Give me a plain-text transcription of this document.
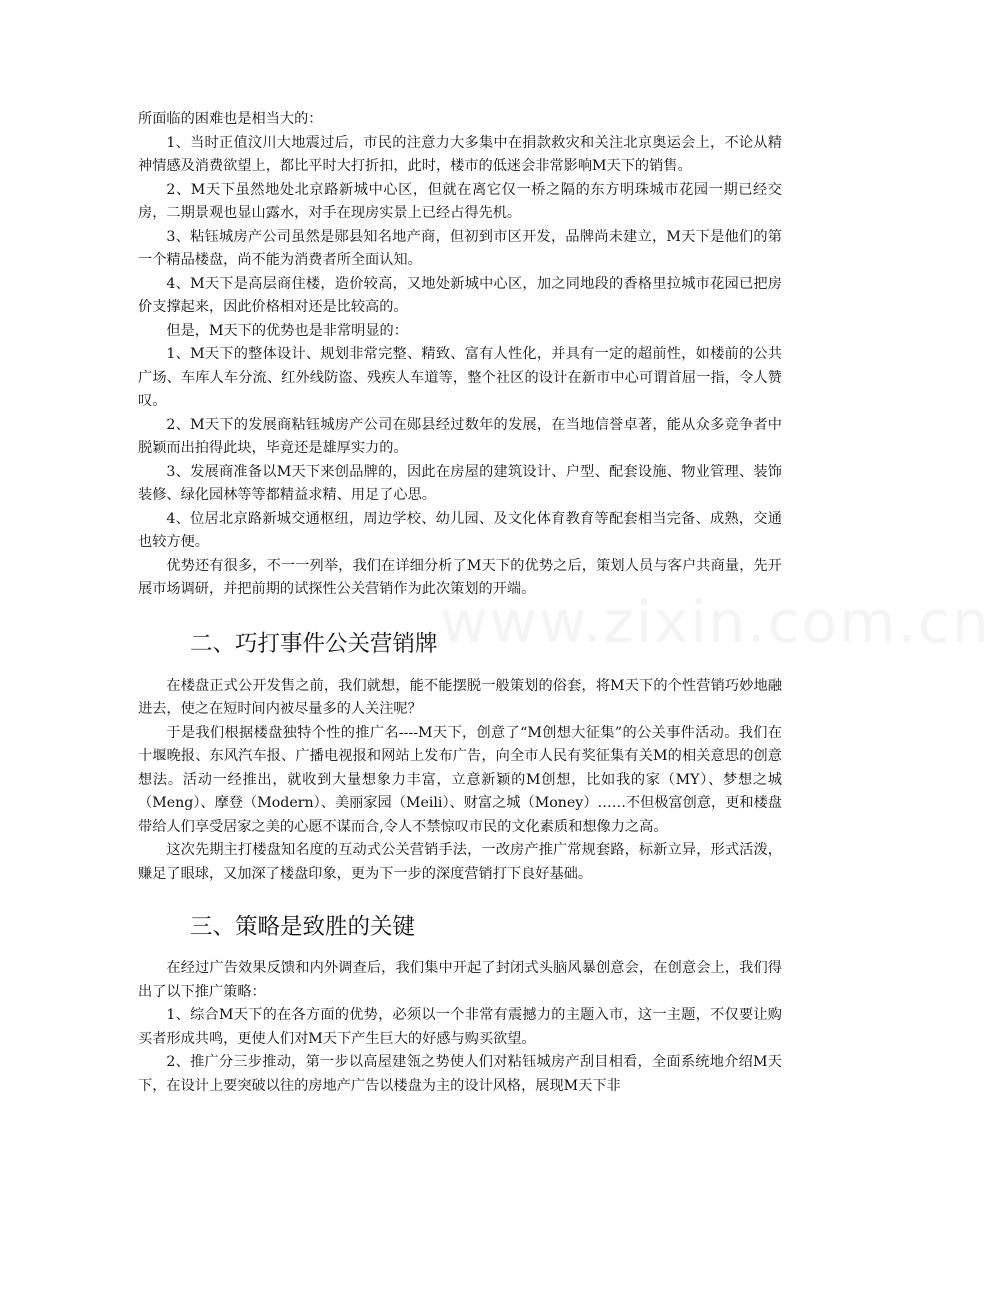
所面临的困难也是相当大的：

1、当时正值汶川大地震过后，市民的注意力大多集中在捐款救灾和关注北京奥运会上，不论从精神情感及消费欲望上，都比平时大打折扣，此时，楼市的低迷会非常影响M天下的销售。

2、M天下虽然地处北京路新城中心区，但就在离它仅一桥之隔的东方明珠城市花园一期已经交房，二期景观也显山露水，对手在现房实景上已经占得先机。

3、粘钰城房产公司虽然是郧县知名地产商，但初到市区开发，品牌尚未建立，M天下是他们的第一个精品楼盘，尚不能为消费者所全面认知。

4、M天下是高层商住楼，造价较高，又地处新城中心区，加之同地段的香格里拉城市花园已把房价支撑起来，因此价格相对还是比较高的。

但是，M天下的优势也是非常明显的：

1、M天下的整体设计、规划非常完整、精致、富有人性化，并具有一定的超前性，如楼前的公共广场、车库人车分流、红外线防盗、残疾人车道等，整个社区的设计在新市中心可谓首屈一指，令人赞叹。

2、M天下的发展商粘钰城房产公司在郧县经过数年的发展，在当地信誉卓著，能从众多竞争者中脱颖而出拍得此块，毕竟还是雄厚实力的。

3、发展商准备以M天下来创品牌的，因此在房屋的建筑设计、户型、配套设施、物业管理、装饰装修、绿化园林等等都精益求精、用足了心思。

4、位居北京路新城交通枢纽，周边学校、幼儿园、及文化体育教育等配套相当完备、成熟，交通也较方便。

优势还有很多，不一一列举，我们在详细分析了M天下的优势之后，策划人员与客户共商量，先开展市场调研，并把前期的试探性公关营销作为此次策划的开端。

二、巧打事件公关营销牌

在楼盘正式公开发售之前，我们就想，能不能摆脱一般策划的俗套，将M天下的个性营销巧妙地融进去，使之在短时间内被尽量多的人关注呢？

于是我们根据楼盘独特个性的推广名----M天下，创意了“M创想大征集”的公关事件活动。我们在十堰晚报、东风汽车报、广播电视报和网站上发布广告，向全市人民有奖征集有关M的相关意思的创意想法。活动一经推出，就收到大量想象力丰富，立意新颖的M创想，比如我的家（MY）、梦想之城（Meng）、摩登（Modern）、美丽家园（Meili）、财富之城（Money）……不但极富创意，更和楼盘带给人们享受居家之美的心愿不谋而合,令人不禁惊叹市民的文化素质和想像力之高。

这次先期主打楼盘知名度的互动式公关营销手法，一改房产推广常规套路，标新立异，形式活泼，赚足了眼球，又加深了楼盘印象，更为下一步的深度营销打下良好基础。

三、策略是致胜的关键

在经过广告效果反馈和内外调查后，我们集中开起了封闭式头脑风暴创意会，在创意会上，我们得出了以下推广策略：

1、综合M天下的在各方面的优势，必须以一个非常有震撼力的主题入市，这一主题，不仅要让购买者形成共鸣，更使人们对M天下产生巨大的好感与购买欲望。

2、推广分三步推动，第一步以高屋建瓴之势使人们对粘钰城房产刮目相看，全面系统地介绍M天下，在设计上要突破以往的房地产广告以楼盘为主的设计风格，展现M天下非

www.zixin.com.cn
